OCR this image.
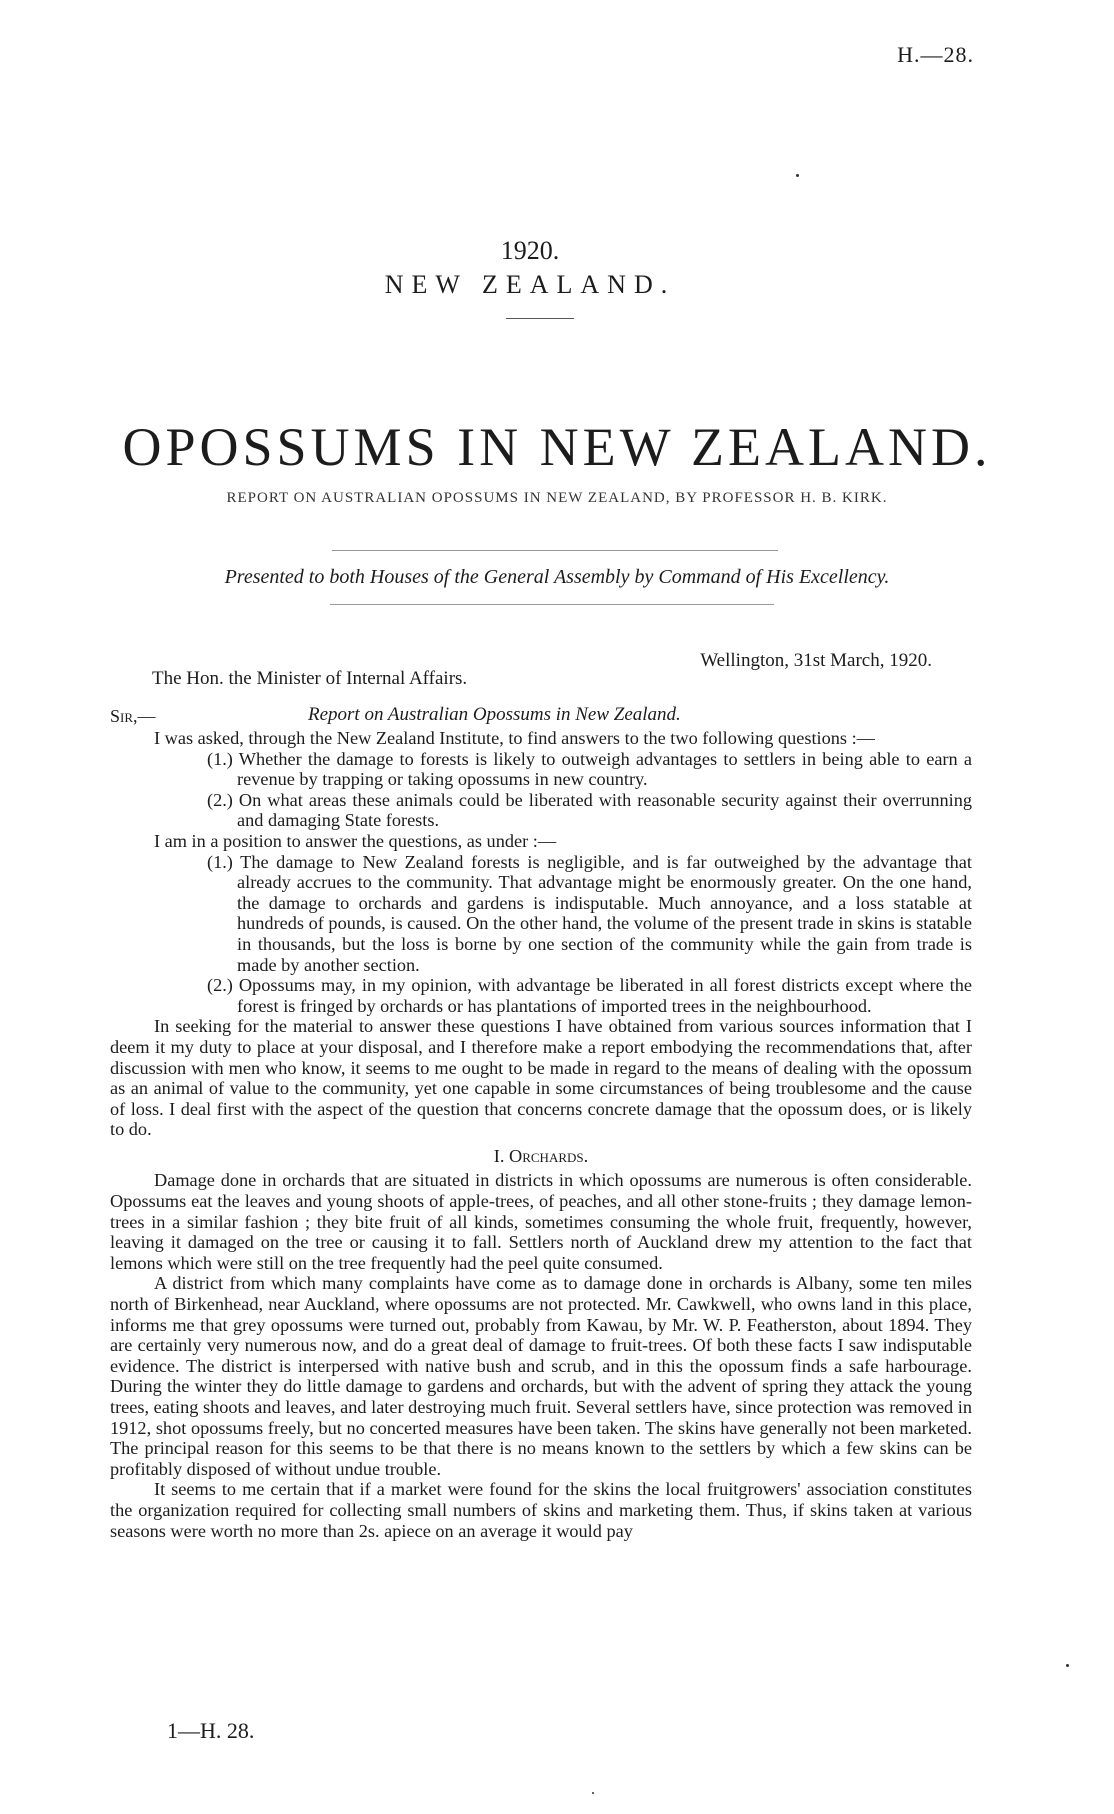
H.—28.
1920.
NEW ZEALAND.
OPOSSUMS IN NEW ZEALAND.
REPORT ON AUSTRALIAN OPOSSUMS IN NEW ZEALAND, BY PROFESSOR H. B. KIRK.
Presented to both Houses of the General Assembly by Command of His Excellency.
Wellington, 31st March, 1920.
The Hon. the Minister of Internal Affairs.
Sir,—	Report on Australian Opossums in New Zealand.

I was asked, through the New Zealand Institute, to find answers to the two following questions :—

(1.) Whether the damage to forests is likely to outweigh advantages to settlers in being able to earn a revenue by trapping or taking opossums in new country.

(2.) On what areas these animals could be liberated with reasonable security against their overrunning and damaging State forests.

I am in a position to answer the questions, as under :—

(1.) The damage to New Zealand forests is negligible, and is far outweighed by the advantage that already accrues to the community. That advantage might be enormously greater. On the one hand, the damage to orchards and gardens is indisputable. Much annoyance, and a loss statable at hundreds of pounds, is caused. On the other hand, the volume of the present trade in skins is statable in thousands, but the loss is borne by one section of the community while the gain from trade is made by another section.

(2.) Opossums may, in my opinion, with advantage be liberated in all forest districts except where the forest is fringed by orchards or has plantations of imported trees in the neighbourhood.

In seeking for the material to answer these questions I have obtained from various sources information that I deem it my duty to place at your disposal, and I therefore make a report embodying the recommendations that, after discussion with men who know, it seems to me ought to be made in regard to the means of dealing with the opossum as an animal of value to the community, yet one capable in some circumstances of being troublesome and the cause of loss. I deal first with the aspect of the question that concerns concrete damage that the opossum does, or is likely to do.

I. Orchards.

Damage done in orchards that are situated in districts in which opossums are numerous is often considerable. Opossums eat the leaves and young shoots of apple-trees, of peaches, and all other stone-fruits ; they damage lemon-trees in a similar fashion ; they bite fruit of all kinds, sometimes consuming the whole fruit, frequently, however, leaving it damaged on the tree or causing it to fall. Settlers north of Auckland drew my attention to the fact that lemons which were still on the tree frequently had the peel quite consumed.

A district from which many complaints have come as to damage done in orchards is Albany, some ten miles north of Birkenhead, near Auckland, where opossums are not protected. Mr. Cawkwell, who owns land in this place, informs me that grey opossums were turned out, probably from Kawau, by Mr. W. P. Featherston, about 1894. They are certainly very numerous now, and do a great deal of damage to fruit-trees. Of both these facts I saw indisputable evidence. The district is interpersed with native bush and scrub, and in this the opossum finds a safe harbourage. During the winter they do little damage to gardens and orchards, but with the advent of spring they attack the young trees, eating shoots and leaves, and later destroying much fruit. Several settlers have, since protection was removed in 1912, shot opossums freely, but no concerted measures have been taken. The skins have generally not been marketed. The principal reason for this seems to be that there is no means known to the settlers by which a few skins can be profitably disposed of without undue trouble.

It seems to me certain that if a market were found for the skins the local fruitgrowers' association constitutes the organization required for collecting small numbers of skins and marketing them. Thus, if skins taken at various seasons were worth no more than 2s. apiece on an average it would pay

1—H. 28.
